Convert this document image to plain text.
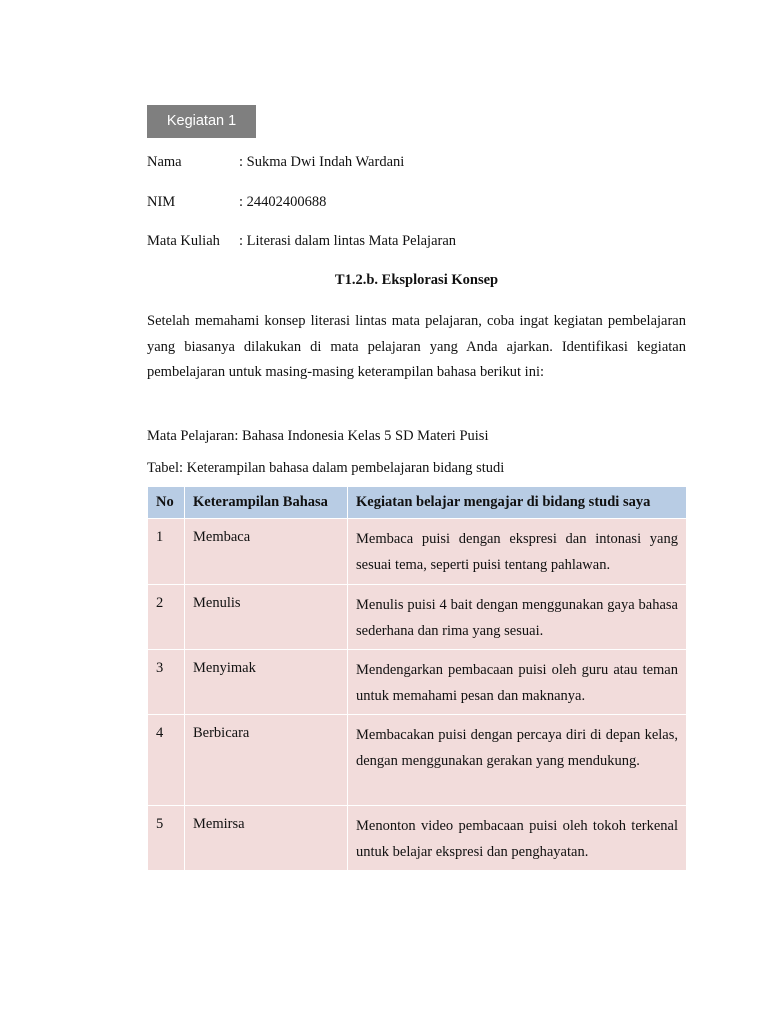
Kegiatan 1
Nama	: Sukma Dwi Indah Wardani
NIM	: 24402400688
Mata Kuliah : Literasi dalam lintas Mata Pelajaran
T1.2.b. Eksplorasi Konsep
Setelah memahami konsep literasi lintas mata pelajaran, coba ingat kegiatan pembelajaran yang biasanya dilakukan di mata pelajaran yang Anda ajarkan. Identifikasi kegiatan pembelajaran untuk masing-masing keterampilan bahasa berikut ini:
Mata Pelajaran: Bahasa Indonesia Kelas 5 SD Materi Puisi
Tabel: Keterampilan bahasa dalam pembelajaran bidang studi
No	Keterampilan Bahasa	Kegiatan belajar mengajar di bidang studi saya
1	Membaca	Membaca puisi dengan ekspresi dan intonasi yang sesuai tema, seperti puisi tentang pahlawan.
2	Menulis	Menulis puisi 4 bait dengan menggunakan gaya bahasa sederhana dan rima yang sesuai.
3	Menyimak	Mendengarkan pembacaan puisi oleh guru atau teman untuk memahami pesan dan maknanya.
4	Berbicara	Membacakan puisi dengan percaya diri di depan kelas, dengan menggunakan gerakan yang mendukung.
5	Memirsa	Menonton video pembacaan puisi oleh tokoh terkenal untuk belajar ekspresi dan penghayatan.
